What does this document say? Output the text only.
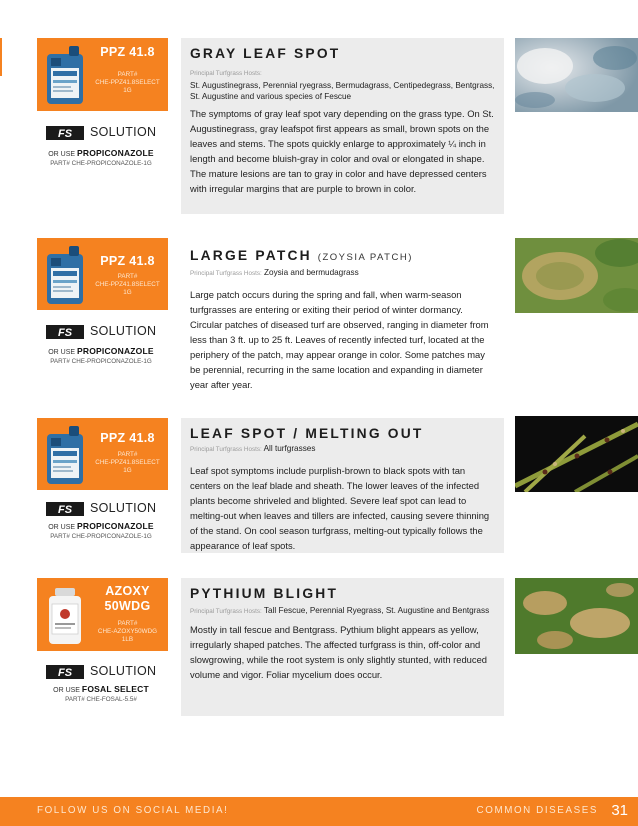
PPZ 41.8
PART#
CHE-PPZ41.8SELECT
1G
FS SOLUTION
OR USE PROPICONAZOLE
PART# CHE-PROPICONAZOLE-1G
GRAY LEAF SPOT
Principal Turfgrass Hosts:
St. Augustinegrass, Perennial ryegrass, Bermudagrass, Centipedegrass, Bentgrass, St. Augustine and various species of Fescue
The symptoms of gray leaf spot vary depending on the grass type. On St. Augustinegrass, gray leafspot first appears as small, brown spots on the leaves and stems. The spots quickly enlarge to approximately ¼ inch in length and become bluish-gray in color and oval or elongated in shape. The mature lesions are tan to gray in color and have depressed centers with irregular margins that are purple to brown in color.
PPZ 41.8
PART#
CHE-PPZ41.8SELECT
1G
FS SOLUTION
OR USE PROPICONAZOLE
PART# CHE-PROPICONAZOLE-1G
LARGE PATCH (ZOYSIA PATCH)
Principal Turfgrass Hosts: Zoysia and bermudagrass
Large patch occurs during the spring and fall, when warm-season turfgrasses are entering or exiting their period of winter dormancy. Circular patches of diseased turf are observed, ranging in diameter from less than 3 ft. up to 25 ft. Leaves of recently infected turf, located at the periphery of the patch, may appear orange in color. Some patches may be perennial, recurring in the same location and expanding in diameter year after year.
PPZ 41.8
PART#
CHE-PPZ41.8SELECT
1G
FS SOLUTION
OR USE PROPICONAZOLE
PART# CHE-PROPICONAZOLE-1G
LEAF SPOT / MELTING OUT
Principal Turfgrass Hosts: All turfgrasses
Leaf spot symptoms include purplish-brown to black spots with tan centers on the leaf blade and sheath. The lower leaves of the infected plants become shriveled and blighted. Severe leaf spot can lead to melting-out when leaves and tillers are infected, causing severe thinning of the stand. On cool season turfgrass, melting-out typically follows the appearance of leaf spots.
AZOXY
50WDG
PART#
CHE-AZOXY50WDG
1LB
FS SOLUTION
OR USE FOSAL SELECT
PART# CHE-FOSAL-5.5#
PYTHIUM BLIGHT
Principal Turfgrass Hosts: Tall Fescue, Perennial Ryegrass, St. Augustine and Bentgrass
Mostly in tall fescue and Bentgrass. Pythium blight appears as yellow, irregularly shaped patches. The affected turfgrass is thin, off-color and slowgrowing, while the root system is only slightly stunted, with reduced volume and vigor. Foliar mycelium does occur.
FOLLOW US ON SOCIAL MEDIA!	COMMON DISEASES 31
